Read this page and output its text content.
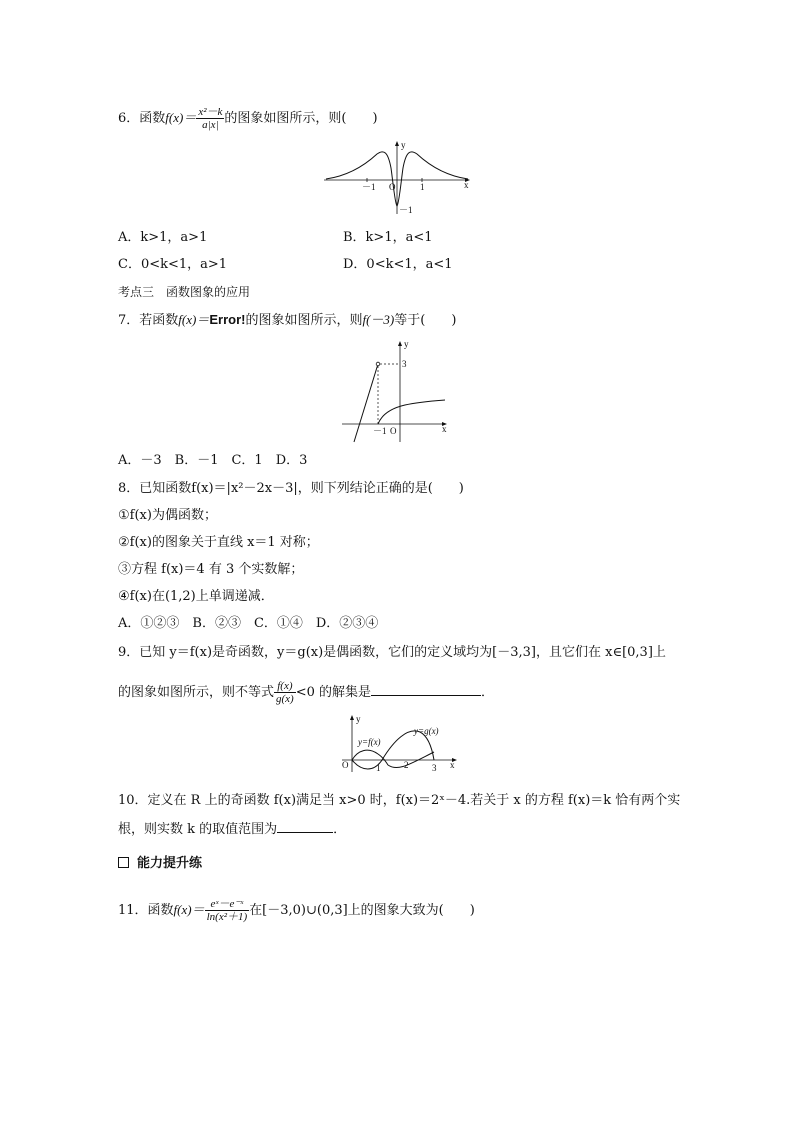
6．函数$f(x)= \frac{\text{x²－k}}{a|x|}$ 的图象如图所示，则(　　)
y
x
－1 O	1
－1
A．k>1，a>1	B．k>1，a<1
C．0<k<1，a>1	D．0<k<1，a<1
考点三　函数图象的应用
7．若函数f(x)＝Error!的图象如图所示，则f(－3)等于(　　)
y
x
3
－1 O
A．－3　B．－1　C．1　D．3
8．已知函数f(x)＝|x²－2x－3|，则下列结论正确的是(　　)
①f(x)为偶函数；
②f(x)的图象关于直线 x＝1 对称；
③方程 f(x)＝4 有 3 个实数解；
④f(x)在(1,2)上单调递减．
A．①②③　B．②③　C．①④　D．②③④
9．已知 y＝f(x)是奇函数，y＝g(x)是偶函数，它们的定义域均为[－3,3]，且它们在 x∈[0,3]上
的图象如图所示，则不等式 $\frac{f(x)}{g(x)} <0$ 的解集是	．
y
x
O	1	2	3
y=f(x)
y=g(x)
10．定义在 R 上的奇函数 f(x)满足当 x>0 时，f(x)＝2ˣ－4.若关于 x 的方程 f(x)＝k 恰有两个实
根，则实数 k 的取值范围为	．
能力提升练
11．函数$f(x)= \frac{\text{eˣ－e⁻ˣ}}{\text{ln(x²＋1)}}$ 在[－3,0)∪(0,3]上的图象大致为(　　)
